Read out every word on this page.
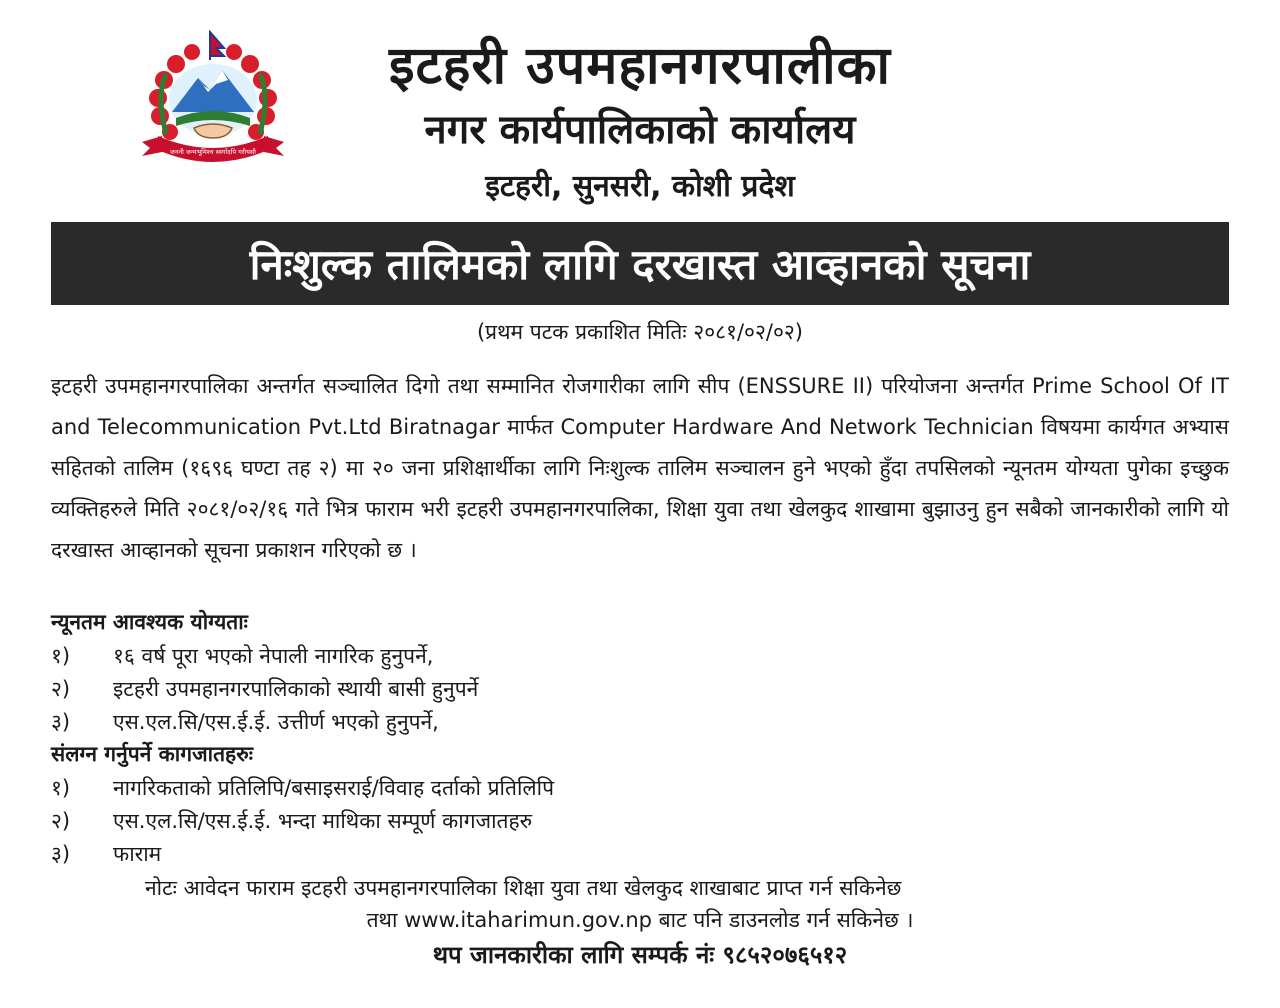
जननी जन्मभूमिश्च स्वर्गादपि गरीयसी
इटहरी उपमहानगरपालीका
नगर कार्यपालिकाको कार्यालय
इटहरी, सुनसरी, कोशी प्रदेश
निःशुल्क तालिमको लागि दरखास्त आव्हानको सूचना
(प्रथम पटक प्रकाशित मितिः २०८१/०२/०२)
इटहरी उपमहानगरपालिका अन्तर्गत सञ्चालित दिगो तथा सम्मानित रोजगारीका लागि सीप (ENSSURE II) परियोजना अन्तर्गत Prime School Of IT and Telecommunication Pvt.Ltd Biratnagar मार्फत Computer Hardware And Network Technician विषयमा कार्यगत अभ्यास सहितको तालिम (१६९६ घण्टा तह २) मा २० जना प्रशिक्षार्थीका लागि निःशुल्क तालिम सञ्चालन हुने भएको हुँदा तपसिलको न्यूनतम योग्यता पुगेका इच्छुक व्यक्तिहरुले मिति २०८१/०२/१६ गते भित्र फाराम भरी इटहरी उपमहानगरपालिका, शिक्षा युवा तथा खेलकुद शाखामा बुझाउनु हुन सबैको जानकारीको लागि यो दरखास्त आव्हानको सूचना प्रकाशन गरिएको छ ।
न्यूनतम आवश्यक योग्यताः
१) १६ वर्ष पूरा भएको नेपाली नागरिक हुनुपर्ने,
२) इटहरी उपमहानगरपालिकाको स्थायी बासी हुनुपर्ने
३) एस.एल.सि/एस.ई.ई. उत्तीर्ण भएको हुनुपर्ने,
संलग्न गर्नुपर्ने कागजातहरुः
१) नागरिकताको प्रतिलिपि/बसाइसराई/विवाह दर्ताको प्रतिलिपि
२) एस.एल.सि/एस.ई.ई. भन्दा माथिका सम्पूर्ण कागजातहरु
३) फाराम
नोटः आवेदन फाराम इटहरी उपमहानगरपालिका शिक्षा युवा तथा खेलकुद शाखाबाट प्राप्त गर्न सकिनेछ
तथा www.itaharimun.gov.np बाट पनि डाउनलोड गर्न सकिनेछ ।
थप जानकारीका लागि सम्पर्क नंः ९८५२०७६५१२
